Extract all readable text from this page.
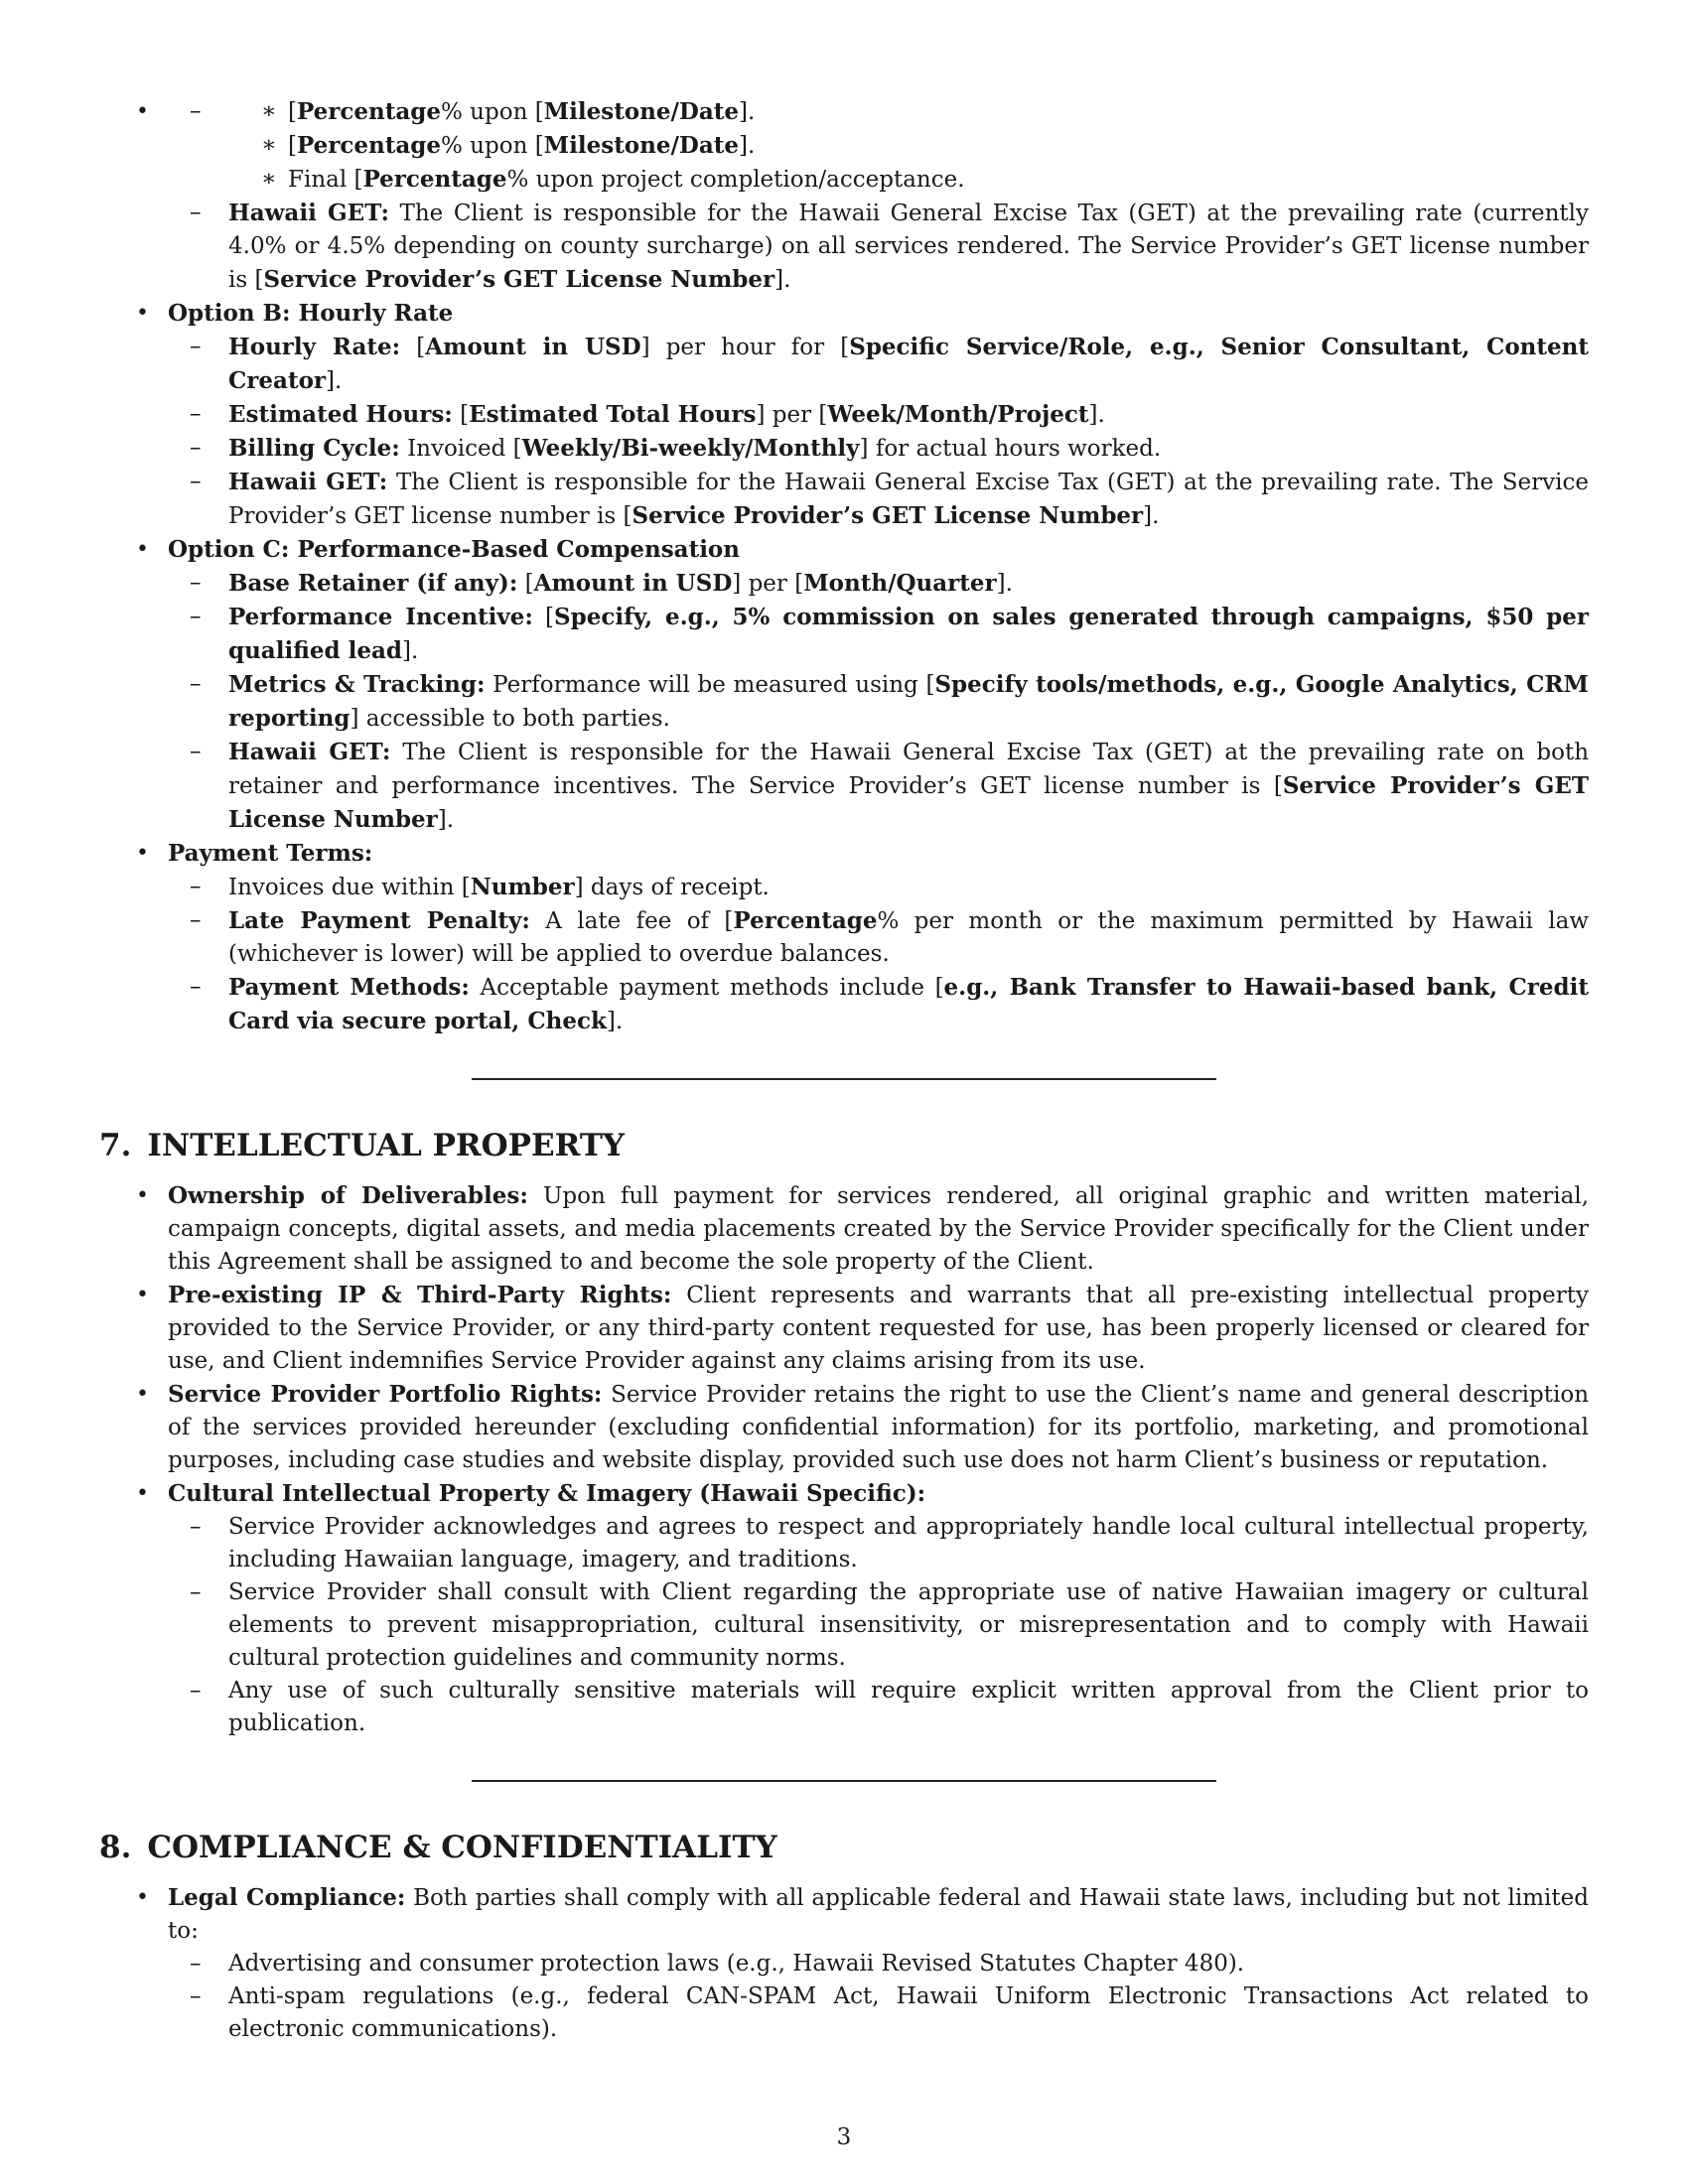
∗ – • [Percentage% upon [Milestone/Date].
∗ [Percentage% upon [Milestone/Date].
∗ Final [Percentage% upon project completion/acceptance.
– Hawaii GET: The Client is responsible for the Hawaii General Excise Tax (GET) at the prevailing rate (currently 4.0% or 4.5% depending on county surcharge) on all services rendered. The Service Provider’s GET license number is [Service Provider’s GET License Number].
• Option B: Hourly Rate
– Hourly Rate: [Amount in USD] per hour for [Specific Service/Role, e.g., Senior Consultant, Content Creator].
– Estimated Hours: [Estimated Total Hours] per [Week/Month/Project].
– Billing Cycle: Invoiced [Weekly/Bi-weekly/Monthly] for actual hours worked.
– Hawaii GET: The Client is responsible for the Hawaii General Excise Tax (GET) at the prevailing rate. The Service Provider’s GET license number is [Service Provider’s GET License Number].
• Option C: Performance-Based Compensation
– Base Retainer (if any): [Amount in USD] per [Month/Quarter].
– Performance Incentive: [Specify, e.g., 5% commission on sales generated through campaigns, $50 per qualified lead].
– Metrics & Tracking: Performance will be measured using [Specify tools/methods, e.g., Google Analytics, CRM reporting] accessible to both parties.
– Hawaii GET: The Client is responsible for the Hawaii General Excise Tax (GET) at the prevailing rate on both retainer and performance incentives. The Service Provider’s GET license number is [Service Provider’s GET License Number].
• Payment Terms:
– Invoices due within [Number] days of receipt.
– Late Payment Penalty: A late fee of [Percentage% per month or the maximum permitted by Hawaii law (whichever is lower) will be applied to overdue balances.
– Payment Methods: Acceptable payment methods include [e.g., Bank Transfer to Hawaii-based bank, Credit Card via secure portal, Check].
7. INTELLECTUAL PROPERTY
• Ownership of Deliverables: Upon full payment for services rendered, all original graphic and written material, campaign concepts, digital assets, and media placements created by the Service Provider specifically for the Client under this Agreement shall be assigned to and become the sole property of the Client.
• Pre-existing IP & Third-Party Rights: Client represents and warrants that all pre-existing intellectual property provided to the Service Provider, or any third-party content requested for use, has been properly licensed or cleared for use, and Client indemnifies Service Provider against any claims arising from its use.
• Service Provider Portfolio Rights: Service Provider retains the right to use the Client’s name and general description of the services provided hereunder (excluding confidential information) for its portfolio, marketing, and promotional purposes, including case studies and website display, provided such use does not harm Client’s business or reputation.
• Cultural Intellectual Property & Imagery (Hawaii Specific):
– Service Provider acknowledges and agrees to respect and appropriately handle local cultural intellectual property, including Hawaiian language, imagery, and traditions.
– Service Provider shall consult with Client regarding the appropriate use of native Hawaiian imagery or cultural elements to prevent misappropriation, cultural insensitivity, or misrepresentation and to comply with Hawaii cultural protection guidelines and community norms.
– Any use of such culturally sensitive materials will require explicit written approval from the Client prior to publication.
8. COMPLIANCE & CONFIDENTIALITY
• Legal Compliance: Both parties shall comply with all applicable federal and Hawaii state laws, including but not limited to:
– Advertising and consumer protection laws (e.g., Hawaii Revised Statutes Chapter 480).
– Anti-spam regulations (e.g., federal CAN-SPAM Act, Hawaii Uniform Electronic Transactions Act related to electronic communications).
3
